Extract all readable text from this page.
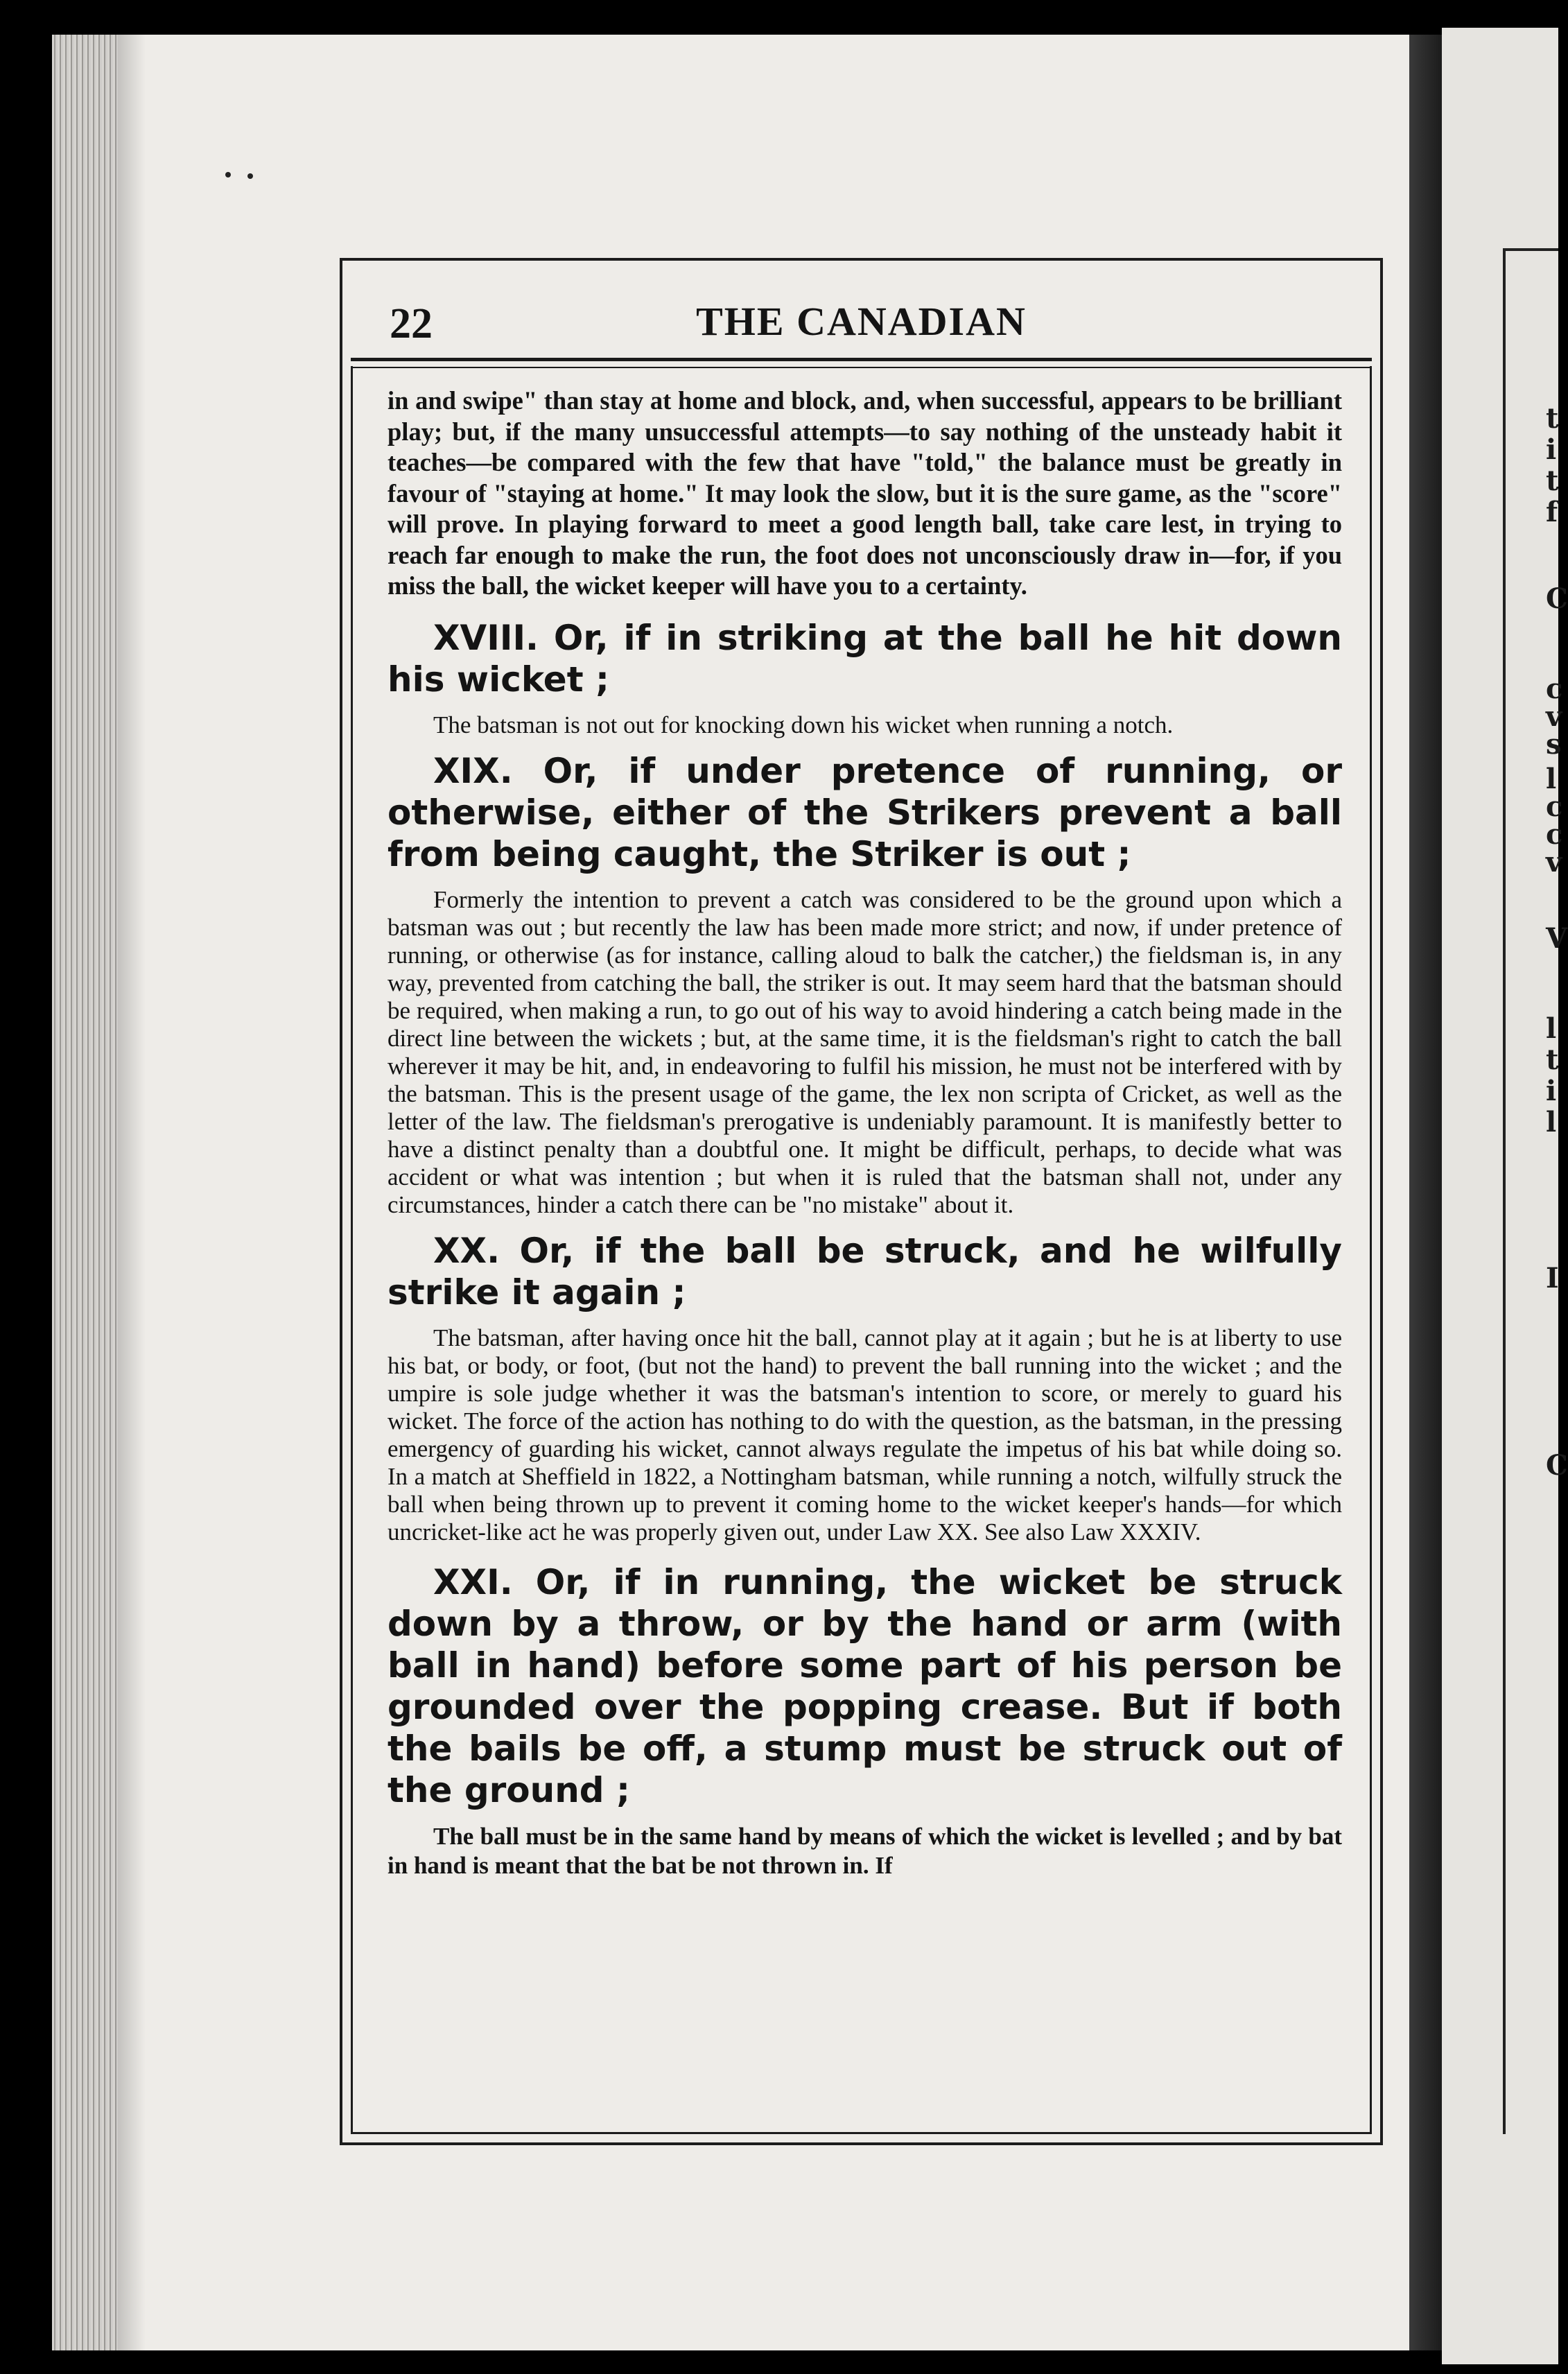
22	THE CANADIAN

in and swipe" than stay at home and block, and, when successful, appears to be brilliant play; but, if the many unsuccessful attempts—to say nothing of the unsteady habit it teaches—be compared with the few that have "told," the balance must be greatly in favour of "staying at home." It may look the slow, but it is the sure game, as the "score" will prove. In playing forward to meet a good length ball, take care lest, in trying to reach far enough to make the run, the foot does not unconsciously draw in—for, if you miss the ball, the wicket keeper will have you to a certainty.

XVIII. Or, if in striking at the ball he hit down his wicket ;

The batsman is not out for knocking down his wicket when running a notch.

XIX. Or, if under pretence of running, or otherwise, either of the Strikers prevent a ball from being caught, the Striker is out ;

Formerly the intention to prevent a catch was considered to be the ground upon which a batsman was out ; but recently the law has been made more strict; and now, if under pretence of running, or otherwise (as for instance, calling aloud to balk the catcher,) the fieldsman is, in any way, prevented from catching the ball, the striker is out. It may seem hard that the batsman should be required, when making a run, to go out of his way to avoid hindering a catch being made in the direct line between the wickets ; but, at the same time, it is the fieldsman's right to catch the ball wherever it may be hit, and, in endeavoring to fulfil his mission, he must not be interfered with by the batsman. This is the present usage of the game, the lex non scripta of Cricket, as well as the letter of the law. The fieldsman's prerogative is undeniably paramount. It is manifestly better to have a distinct penalty than a doubtful one. It might be difficult, perhaps, to decide what was accident or what was intention ; but when it is ruled that the batsman shall not, under any circumstances, hinder a catch there can be "no mistake" about it.

XX. Or, if the ball be struck, and he wilfully strike it again ;

The batsman, after having once hit the ball, cannot play at it again ; but he is at liberty to use his bat, or body, or foot, (but not the hand) to prevent the ball running into the wicket ; and the umpire is sole judge whether it was the batsman's intention to score, or merely to guard his wicket. The force of the action has nothing to do with the question, as the batsman, in the pressing emergency of guarding his wicket, cannot always regulate the impetus of his bat while doing so. In a match at Sheffield in 1822, a Nottingham batsman, while running a notch, wilfully struck the ball when being thrown up to prevent it coming home to the wicket keeper's hands—for which uncricket-like act he was properly given out, under Law XX. See also Law XXXIV.

XXI. Or, if in running, the wicket be struck down by a throw, or by the hand or arm (with ball in hand) before some part of his person be grounded over the popping crease. But if both the bails be off, a stump must be struck out of the ground ;

The ball must be in the same hand by means of which the wicket is levelled ; and by bat in hand is meant that the bat be not thrown in. If

t
i
t
f
C
c
v
s
l
c
c
v
V
l
t
i
l
I
C
